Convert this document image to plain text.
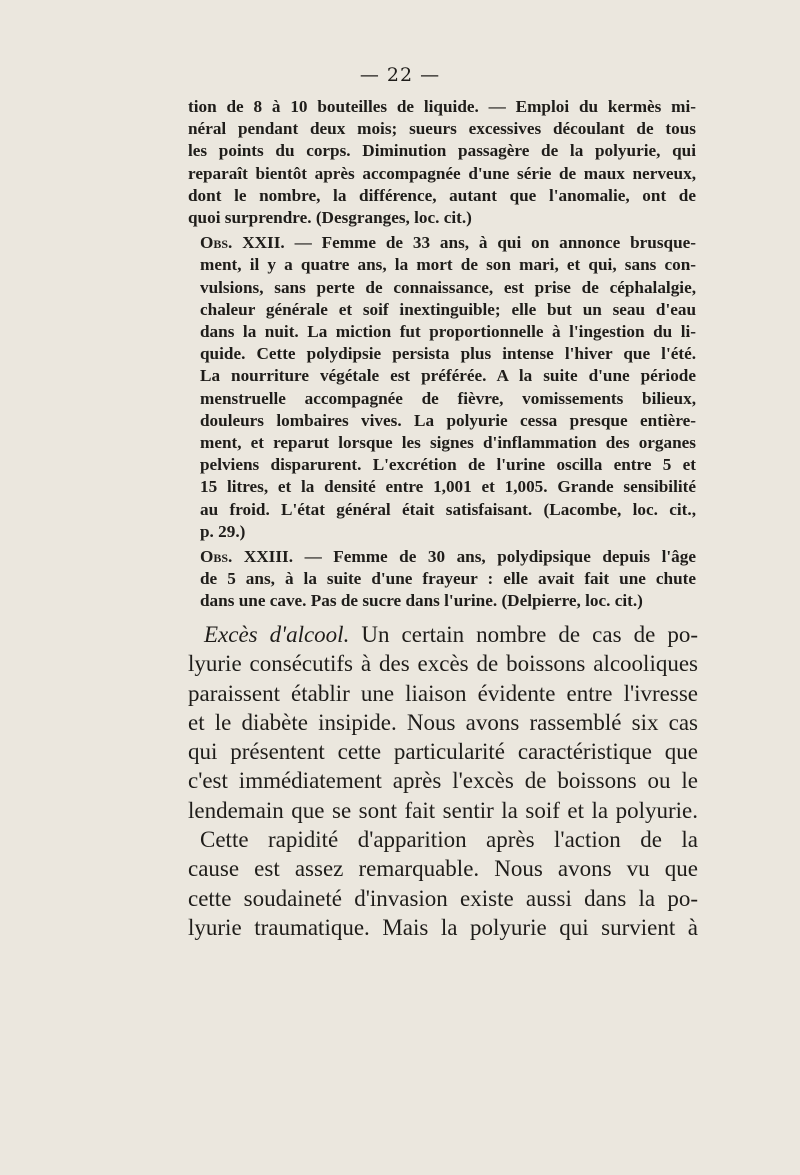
— 22 —

tion de 8 à 10 bouteilles de liquide. — Emploi du kermès mi-
néral pendant deux mois; sueurs excessives découlant de tous
les points du corps. Diminution passagère de la polyurie, qui
reparaît bientôt après accompagnée d'une série de maux nerveux,
dont le nombre, la différence, autant que l'anomalie, ont de
quoi surprendre. (Desgranges, loc. cit.)

Obs. XXII. — Femme de 33 ans, à qui on annonce brusque-
ment, il y a quatre ans, la mort de son mari, et qui, sans con-
vulsions, sans perte de connaissance, est prise de céphalalgie,
chaleur générale et soif inextinguible; elle but un seau d'eau
dans la nuit. La miction fut proportionnelle à l'ingestion du li-
quide. Cette polydipsie persista plus intense l'hiver que l'été.
La nourriture végétale est préférée. A la suite d'une période
menstruelle accompagnée de fièvre, vomissements bilieux,
douleurs lombaires vives. La polyurie cessa presque entière-
ment, et reparut lorsque les signes d'inflammation des organes
pelviens disparurent. L'excrétion de l'urine oscilla entre 5 et
15 litres, et la densité entre 1,001 et 1,005. Grande sensibilité
au froid. L'état général était satisfaisant. (Lacombe, loc. cit.,
p. 29.)

Obs. XXIII. — Femme de 30 ans, polydipsique depuis l'âge
de 5 ans, à la suite d'une frayeur : elle avait fait une chute
dans une cave. Pas de sucre dans l'urine. (Delpierre, loc. cit.)

Excès d'alcool. Un certain nombre de cas de po-
lyurie consécutifs à des excès de boissons alcooliques
paraissent établir une liaison évidente entre l'ivresse
et le diabète insipide. Nous avons rassemblé six cas
qui présentent cette particularité caractéristique que
c'est immédiatement après l'excès de boissons ou le
lendemain que se sont fait sentir la soif et la polyurie.

Cette rapidité d'apparition après l'action de la
cause est assez remarquable. Nous avons vu que
cette soudaineté d'invasion existe aussi dans la po-
lyurie traumatique. Mais la polyurie qui survient à
